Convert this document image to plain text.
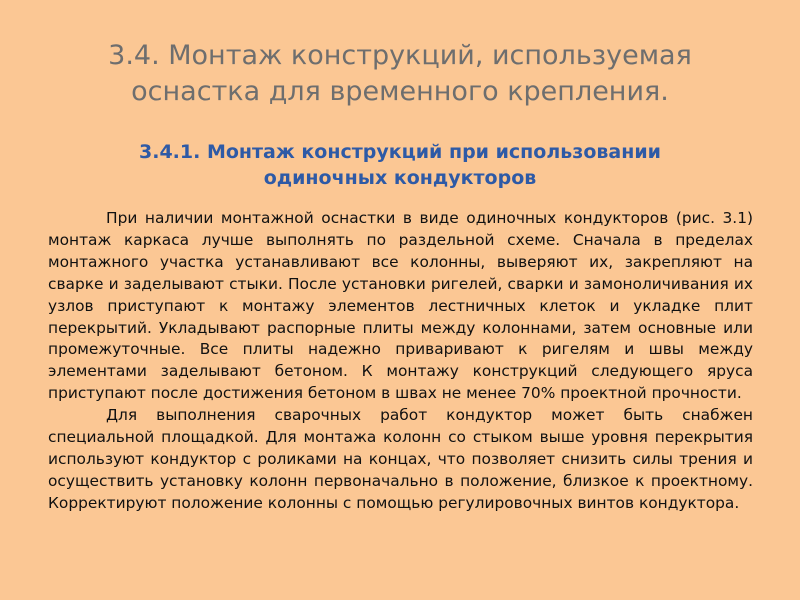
3.4. Монтаж конструкций, используемая
оснастка для временного крепления.
3.4.1. Монтаж конструкций при использовании
одиночных кондукторов

При наличии монтажной оснастки в виде одиночных кондукторов (рис. 3.1) монтаж каркаса лучше выполнять по раздельной схеме. Сначала в пределах монтажного участка устанавливают все колонны, выверяют их, закрепляют на сварке и заделывают стыки. После установки ригелей, сварки и замоноличивания их узлов приступают к монтажу элементов лестничных клеток и укладке плит перекрытий. Укладывают распорные плиты между колоннами, затем основные или промежуточные. Все плиты надежно приваривают к ригелям и швы между элементами заделывают бетоном. К монтажу конструкций следующего яруса приступают после достижения бетоном в швах не менее 70% проектной прочности.

Для выполнения сварочных работ кондуктор может быть снабжен специальной площадкой. Для монтажа колонн со стыком выше уровня перекрытия используют кондуктор с роликами на концах, что позволяет снизить силы трения и осуществить установку колонн первоначально в положение, близкое к проектному. Корректируют положение колонны с помощью регулировочных винтов кондуктора.
